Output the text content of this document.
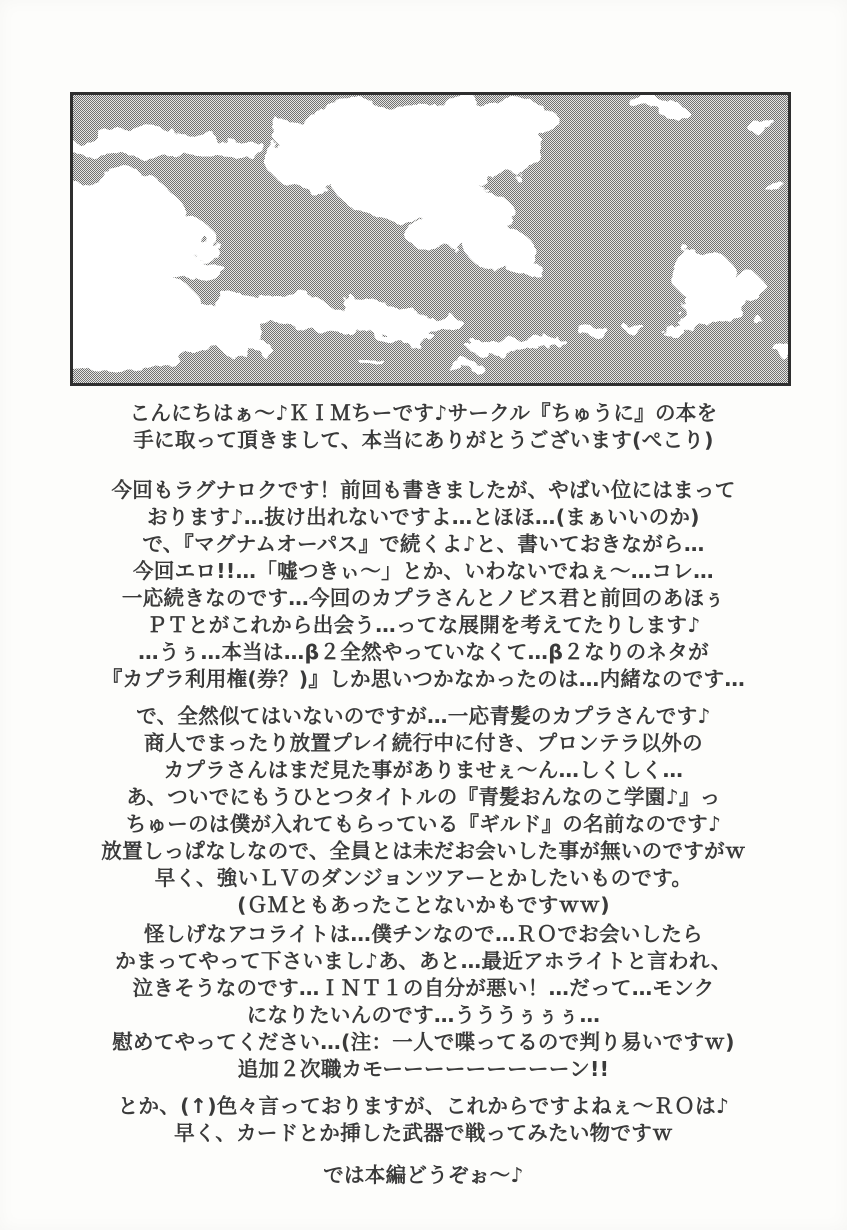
こんにちはぁ～♪ＫＩＭちーです♪サークル『ちゅうに』の本を
手に取って頂きまして、本当にありがとうございます(ぺこり)
今回もラグナロクです！前回も書きましたが、やばい位にはまって
おります♪…抜け出れないですよ…とほほ…(まぁいいのか)
で、『マグナムオーパス』で続くよ♪と、書いておきながら…
今回エロ!!…「嘘つきぃ～」とか、いわないでねぇ～…コレ…
一応続きなのです…今回のカプラさんとノビス君と前回のあほぅ
ＰＴとがこれから出会う…ってな展開を考えてたりします♪
…うぅ…本当は…β２全然やっていなくて…β２なりのネタが
『カプラ利用権(券？)』しか思いつかなかったのは…内緒なのです…
で、全然似てはいないのですが…一応青髪のカプラさんです♪
商人でまったり放置プレイ続行中に付き、プロンテラ以外の
カプラさんはまだ見た事がありませぇ～ん…しくしく…
あ、ついでにもうひとつタイトルの『青髪おんなのこ学園♪』っ
ちゅーのは僕が入れてもらっている『ギルド』の名前なのです♪
放置しっぱなしなので、全員とは未だお会いした事が無いのですがｗ
早く、強いＬＶのダンジョンツアーとかしたいものです。
(ＧＭともあったことないかもですｗｗ)
怪しげなアコライトは…僕チンなので…ＲＯでお会いしたら
かまってやって下さいまし♪あ、あと…最近アホライトと言われ、
泣きそうなのです…ＩＮＴ１の自分が悪い！…だって…モンク
になりたいんのです…うううぅぅぅ…
慰めてやってください…(注：一人で喋ってるので判り易いですｗ)
追加２次職カモーーーーーーーーーン!!
とか、(↑)色々言っておりますが、これからですよねぇ～ＲＯは♪
早く、カードとか挿した武器で戦ってみたい物ですｗ
では本編どうぞぉ～♪
